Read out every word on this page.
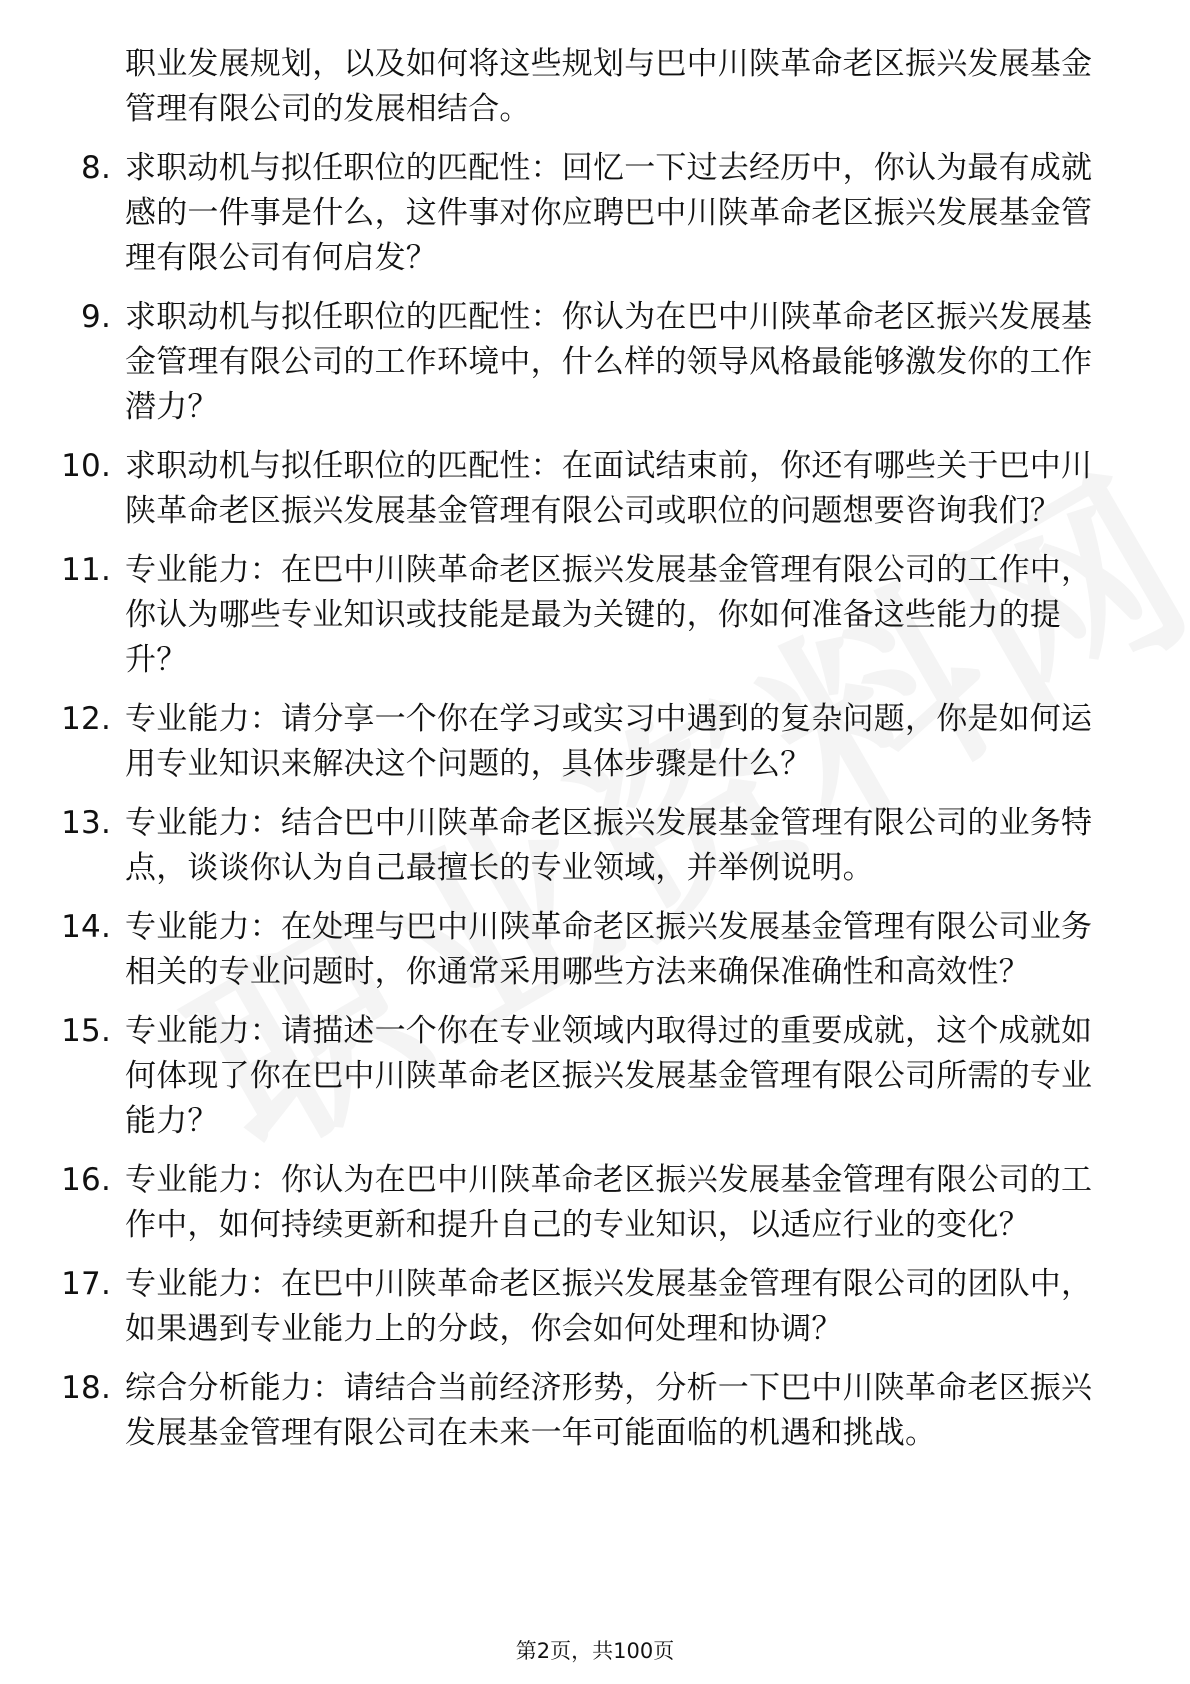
职业发展规划，以及如何将这些规划与巴中川陕革命老区振兴发展基金管理有限公司的发展相结合。
8. 求职动机与拟任职位的匹配性：回忆一下过去经历中，你认为最有成就感的一件事是什么，这件事对你应聘巴中川陕革命老区振兴发展基金管理有限公司有何启发？
9. 求职动机与拟任职位的匹配性：你认为在巴中川陕革命老区振兴发展基金管理有限公司的工作环境中，什么样的领导风格最能够激发你的工作潜力？
10. 求职动机与拟任职位的匹配性：在面试结束前，你还有哪些关于巴中川陕革命老区振兴发展基金管理有限公司或职位的问题想要咨询我们？
11. 专业能力：在巴中川陕革命老区振兴发展基金管理有限公司的工作中，你认为哪些专业知识或技能是最为关键的，你如何准备这些能力的提升？
12. 专业能力：请分享一个你在学习或实习中遇到的复杂问题，你是如何运用专业知识来解决这个问题的，具体步骤是什么？
13. 专业能力：结合巴中川陕革命老区振兴发展基金管理有限公司的业务特点，谈谈你认为自己最擅长的专业领域，并举例说明。
14. 专业能力：在处理与巴中川陕革命老区振兴发展基金管理有限公司业务相关的专业问题时，你通常采用哪些方法来确保准确性和高效性？
15. 专业能力：请描述一个你在专业领域内取得过的重要成就，这个成就如何体现了你在巴中川陕革命老区振兴发展基金管理有限公司所需的专业能力？
16. 专业能力：你认为在巴中川陕革命老区振兴发展基金管理有限公司的工作中，如何持续更新和提升自己的专业知识，以适应行业的变化？
17. 专业能力：在巴中川陕革命老区振兴发展基金管理有限公司的团队中，如果遇到专业能力上的分歧，你会如何处理和协调？
18. 综合分析能力：请结合当前经济形势，分析一下巴中川陕革命老区振兴发展基金管理有限公司在未来一年可能面临的机遇和挑战。
第2页，共100页
